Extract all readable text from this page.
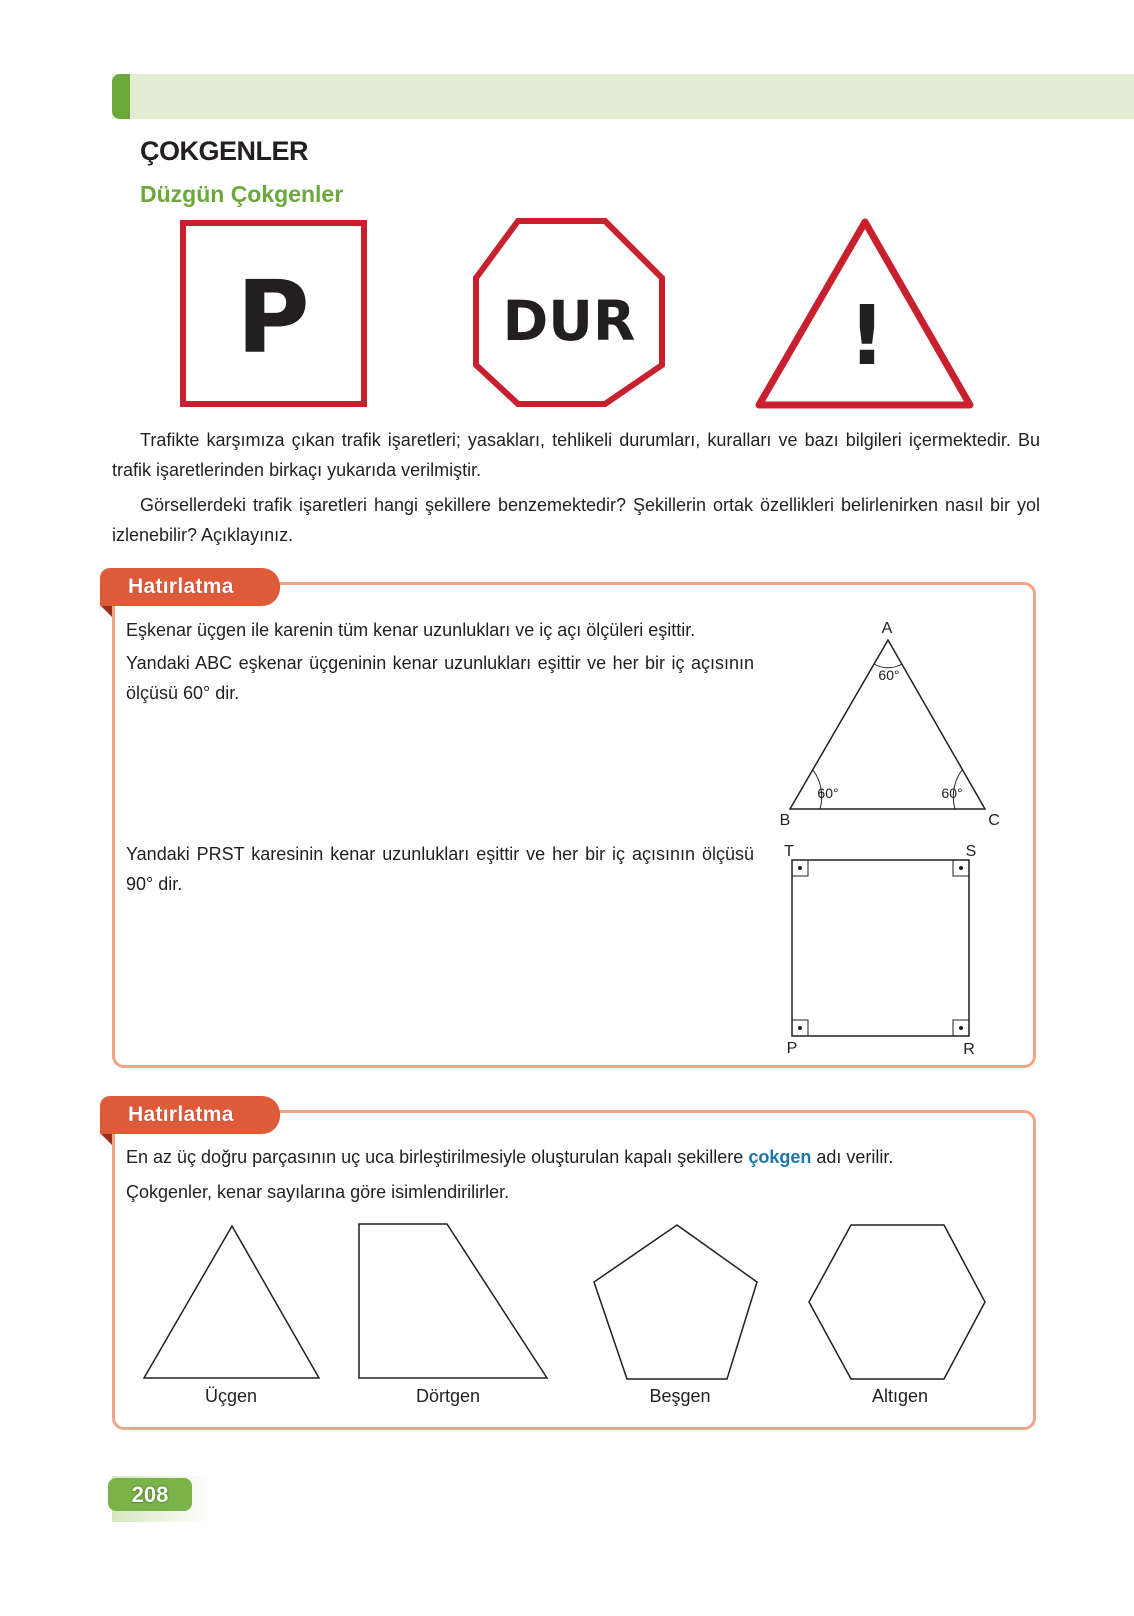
ÇOKGENLER
Düzgün Çokgenler
P	DUR	!
Trafikte karşımıza çıkan trafik işaretleri; yasakları, tehlikeli durumları, kuralları ve bazı bilgileri içermektedir. Bu trafik işaretlerinden birkaçı yukarıda verilmiştir.
Görsellerdeki trafik işaretleri hangi şekillere benzemektedir? Şekillerin ortak özellikleri belirlenirken nasıl bir yol izlenebilir? Açıklayınız.
Hatırlatma
Eşkenar üçgen ile karenin tüm kenar uzunlukları ve iç açı ölçüleri eşittir.
Yandaki ABC eşkenar üçgeninin kenar uzunlukları eşittir ve her bir iç açısının ölçüsü 60° dir.
Yandaki PRST karesinin kenar uzunlukları eşittir ve her bir iç açısının ölçüsü 90° dir.
A
B	C
60°
60°	60°
T	S
P	R
Hatırlatma
En az üç doğru parçasının uç uca birleştirilmesiyle oluşturulan kapalı şekillere çokgen adı verilir.
Çokgenler, kenar sayılarına göre isimlendirilirler.
Üçgen	Dörtgen	Beşgen	Altıgen
208
